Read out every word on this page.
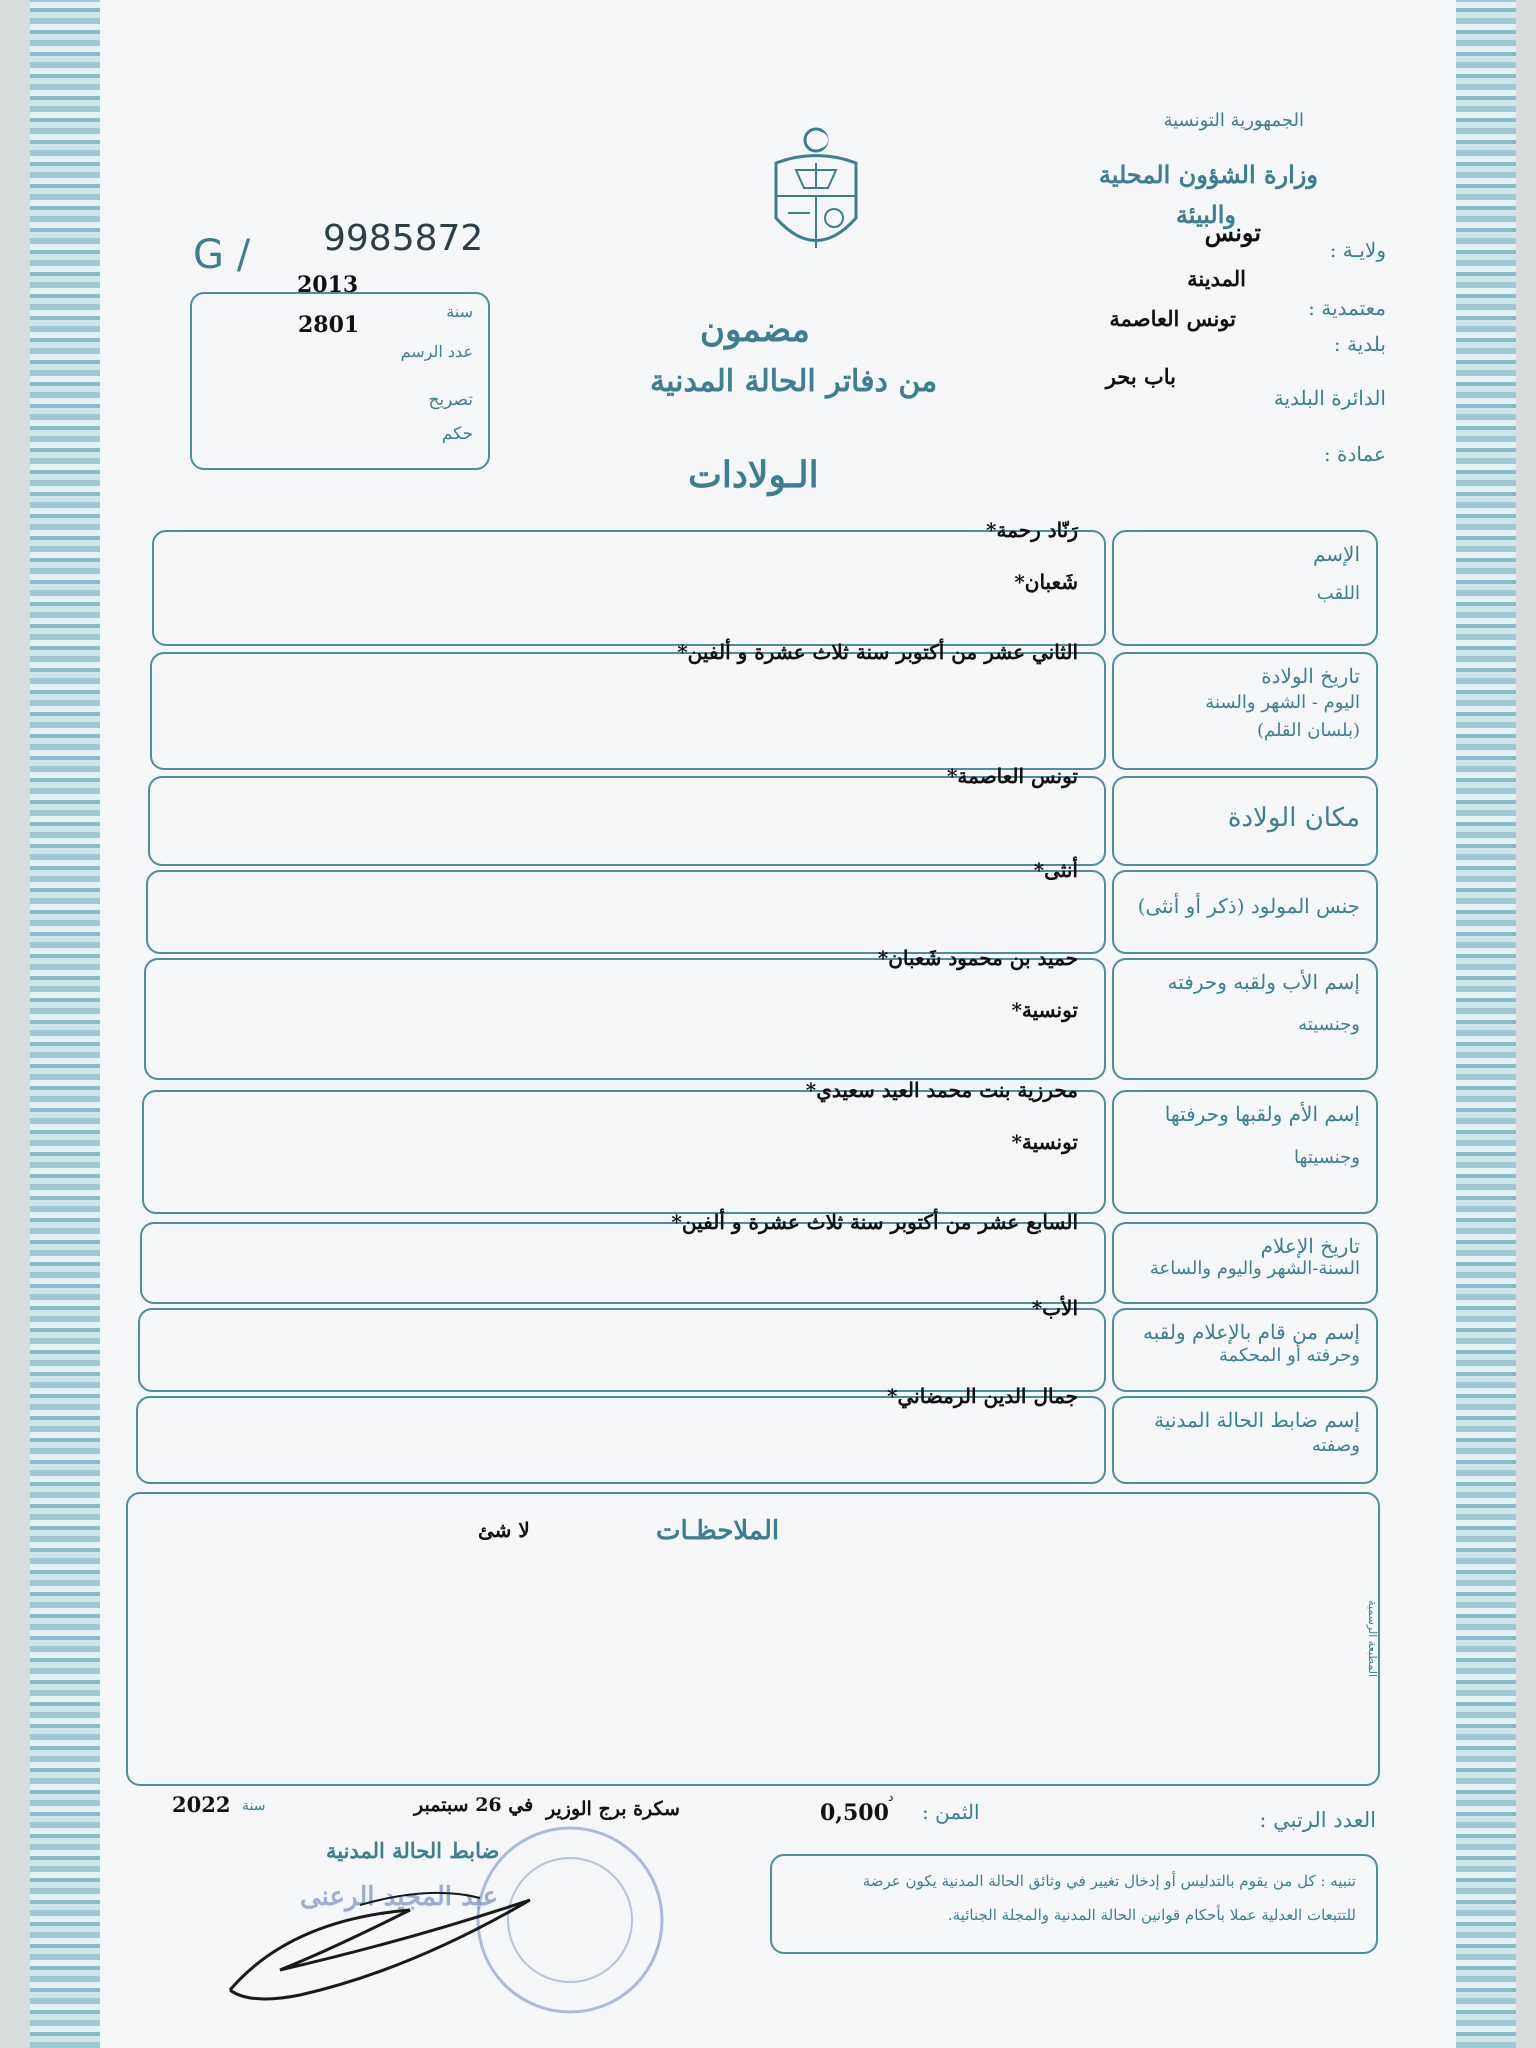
الجمهورية التونسية
وزارة الشؤون المحلية
والبيئة
ولايـة :
تونس
معتمدية :
المدينة
بلدية :
تونس العاصمة
الدائرة البلدية
باب بحر
عمادة :
G / 9985872
2013
سنة
2801
عدد الرسم
تصريح
حكم
مضمون
من دفاتر الحالة المدنية
الـولادات
الإسم
اللقب
رَنّاد رحمة*
شَعبان*
تاريخ الولادة
اليوم - الشهر والسنة
(بلسان القلم)
الثاني عشر من أكتوبر سنة ثلاث عشرة و ألفين*
مكان الولادة
تونس العاصمة*
جنس المولود (ذكر أو أنثى)
أنثى*
إسم الأب ولقبه وحرفته
وجنسيته
حميد بن محمود شَعبان*
تونسية*
إسم الأم ولقبها وحرفتها
وجنسيتها
محرزية بنت محمد العيد سعيدي*
تونسية*
تاريخ الإعلام
السنة-الشهر واليوم والساعة
السابع عشر من أكتوبر سنة ثلاث عشرة و ألفين*
إسم من قام بالإعلام ولقبه
وحرفته أو المحكمة
الأب*
إسم ضابط الحالة المدنية
وصفته
جمال الدين الرمضاني*
الملاحظـات
لا شئ
المطبعة الرسمية
العدد الرتبي :
الثمن :
0,500
د
سكرة برج الوزير
في 26 سبتمبر
سنة
2022
ضابط الحالة المدنية
عبد المجيد الرعنى
تنبيه : كل من يقوم بالتدليس أو إدخال تغيير في وثائق الحالة المدنية يكون عرضة
للتتبعات العدلية عملا بأحكام قوانين الحالة المدنية والمجلة الجنائية.
